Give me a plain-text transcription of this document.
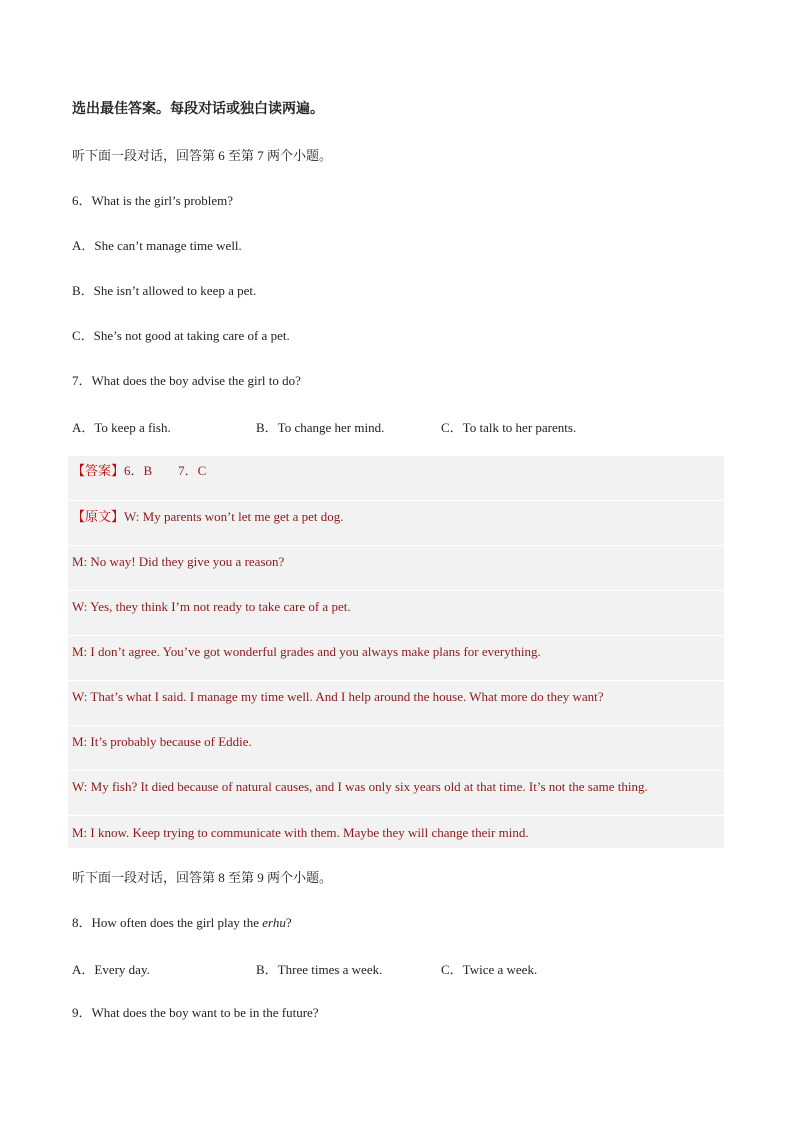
选出最佳答案。每段对话或独白读两遍。
听下面一段对话，回答第 6 至第 7 两个小题。
6．What is the girl’s problem?
A．She can’t manage time well.
B．She isn’t allowed to keep a pet.
C．She’s not good at taking care of a pet.
7．What does the boy advise the girl to do?
A．To keep a fish.	B．To change her mind.	C．To talk to her parents.
【答案】6．B　　7．C
【原文】W: My parents won’t let me get a pet dog.
M: No way! Did they give you a reason?
W: Yes, they think I’m not ready to take care of a pet.
M: I don’t agree. You’ve got wonderful grades and you always make plans for everything.
W: That’s what I said. I manage my time well. And I help around the house. What more do they want?
M: It’s probably because of Eddie.
W: My fish? It died because of natural causes, and I was only six years old at that time. It’s not the same thing.
M: I know. Keep trying to communicate with them. Maybe they will change their mind.
听下面一段对话，回答第 8 至第 9 两个小题。
8．How often does the girl play the erhu?
A．Every day.	B．Three times a week.	C．Twice a week.
9．What does the boy want to be in the future?
